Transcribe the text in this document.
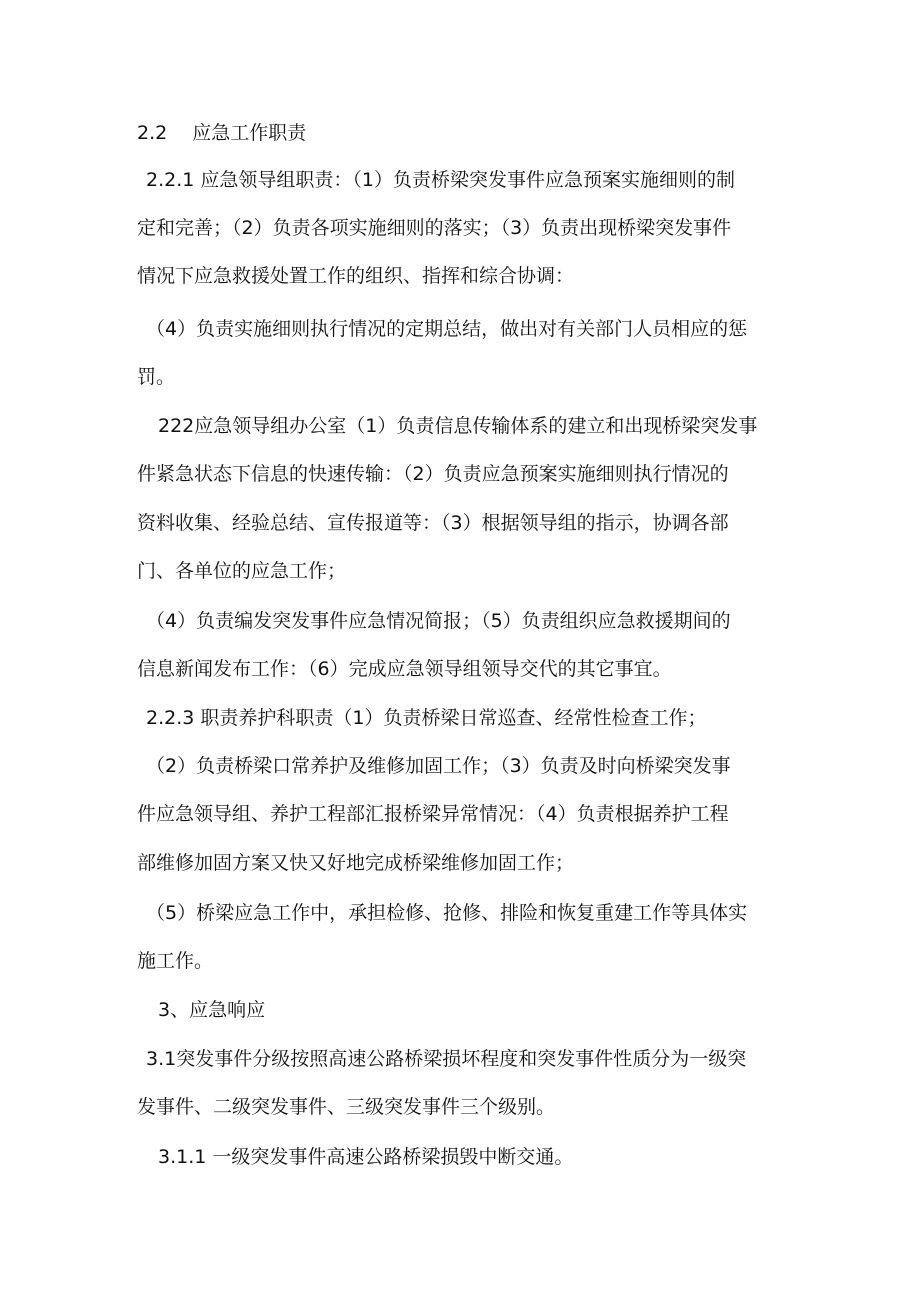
2.2　 应急工作职责
2.2.1 应急领导组职责：（1）负责桥梁突发事件应急预案实施细则的制
定和完善；（2）负责各项实施细则的落实；（3）负责出现桥梁突发事件
情况下应急救援处置工作的组织、指挥和综合协调：
（4）负责实施细则执行情况的定期总结，做出对有关部门人员相应的惩
罚。
222应急领导组办公室（1）负责信息传输体系的建立和出现桥梁突发事
件紧急状态下信息的快速传输：（2）负责应急预案实施细则执行情况的
资料收集、经验总结、宣传报道等：（3）根据领导组的指示，协调各部
门、各单位的应急工作；
（4）负责编发突发事件应急情况简报；（5）负责组织应急救援期间的
信息新闻发布工作：（6）完成应急领导组领导交代的其它事宜。
2.2.3 职责养护科职责（1）负责桥梁日常巡查、经常性检查工作；
（2）负责桥梁口常养护及维修加固工作；（3）负责及时向桥梁突发事
件应急领导组、养护工程部汇报桥梁异常情况：（4）负责根据养护工程
部维修加固方案又快又好地完成桥梁维修加固工作；
（5）桥梁应急工作中，承担检修、抢修、排险和恢复重建工作等具体实
施工作。
3、应急响应
3.1突发事件分级按照高速公路桥梁损坏程度和突发事件性质分为一级突
发事件、二级突发事件、三级突发事件三个级别。
3.1.1 一级突发事件高速公路桥梁损毁中断交通。
